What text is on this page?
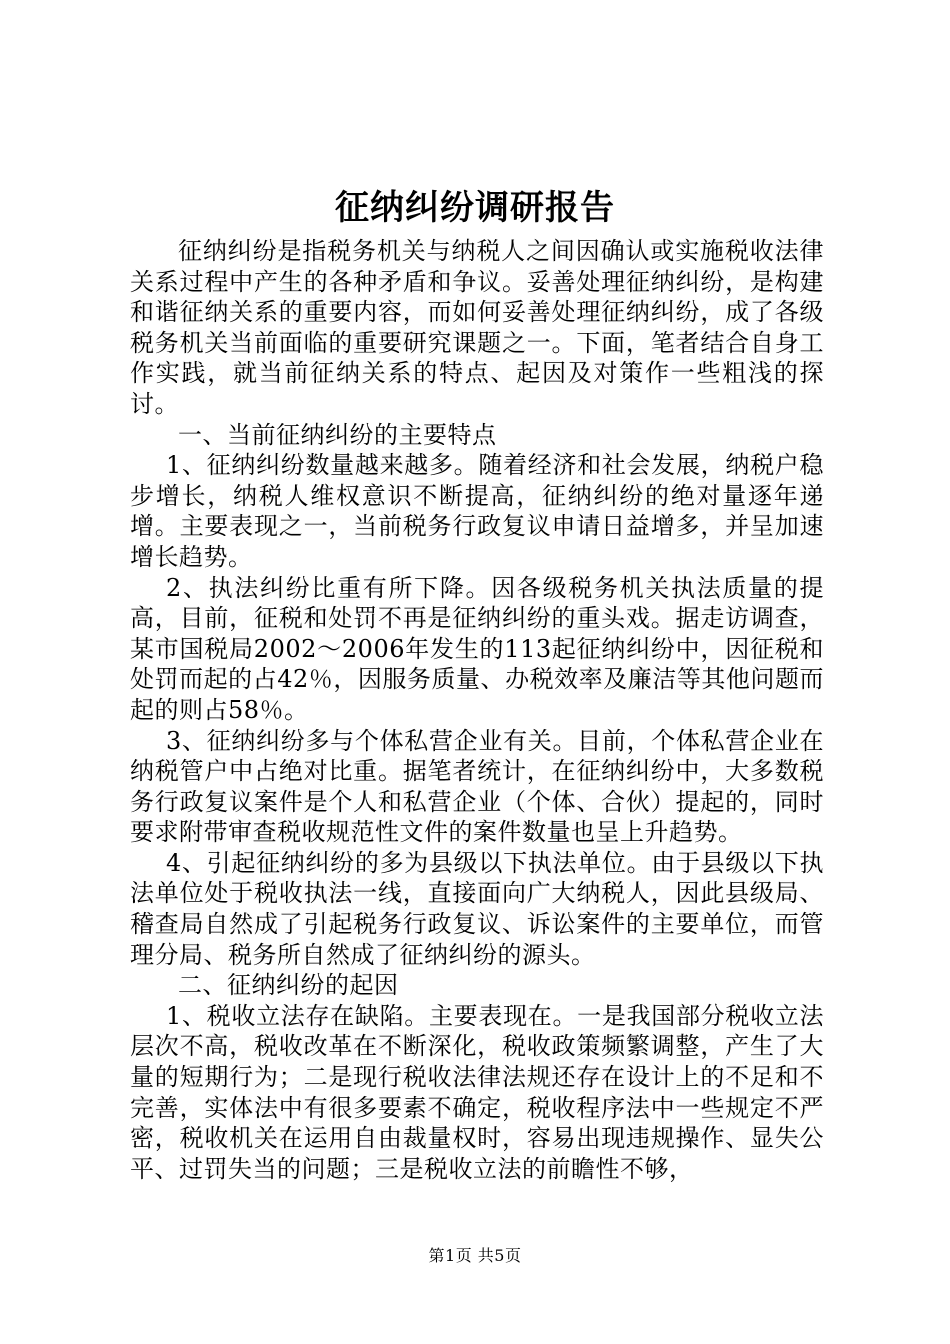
征纳纠纷调研报告

征纳纠纷是指税务机关与纳税人之间因确认或实施税收法律关系过程中产生的各种矛盾和争议。妥善处理征纳纠纷，是构建和谐征纳关系的重要内容，而如何妥善处理征纳纠纷，成了各级税务机关当前面临的重要研究课题之一。下面，笔者结合自身工作实践，就当前征纳关系的特点、起因及对策作一些粗浅的探讨。

一、当前征纳纠纷的主要特点

1、征纳纠纷数量越来越多。随着经济和社会发展，纳税户稳步增长，纳税人维权意识不断提高，征纳纠纷的绝对量逐年递增。主要表现之一，当前税务行政复议申请日益增多，并呈加速增长趋势。

2、执法纠纷比重有所下降。因各级税务机关执法质量的提高，目前，征税和处罚不再是征纳纠纷的重头戏。据走访调查，某市国税局2002～2006年发生的113起征纳纠纷中，因征税和处罚而起的占42％，因服务质量、办税效率及廉洁等其他问题而起的则占58％。

3、征纳纠纷多与个体私营企业有关。目前，个体私营企业在纳税管户中占绝对比重。据笔者统计，在征纳纠纷中，大多数税务行政复议案件是个人和私营企业（个体、合伙）提起的，同时要求附带审查税收规范性文件的案件数量也呈上升趋势。

4、引起征纳纠纷的多为县级以下执法单位。由于县级以下执法单位处于税收执法一线，直接面向广大纳税人，因此县级局、稽查局自然成了引起税务行政复议、诉讼案件的主要单位，而管理分局、税务所自然成了征纳纠纷的源头。

二、征纳纠纷的起因

1、税收立法存在缺陷。主要表现在。一是我国部分税收立法层次不高，税收改革在不断深化，税收政策频繁调整，产生了大量的短期行为；二是现行税收法律法规还存在设计上的不足和不完善，实体法中有很多要素不确定，税收程序法中一些规定不严密，税收机关在运用自由裁量权时，容易出现违规操作、显失公平、过罚失当的问题；三是税收立法的前瞻性不够，

第1页 共5页
